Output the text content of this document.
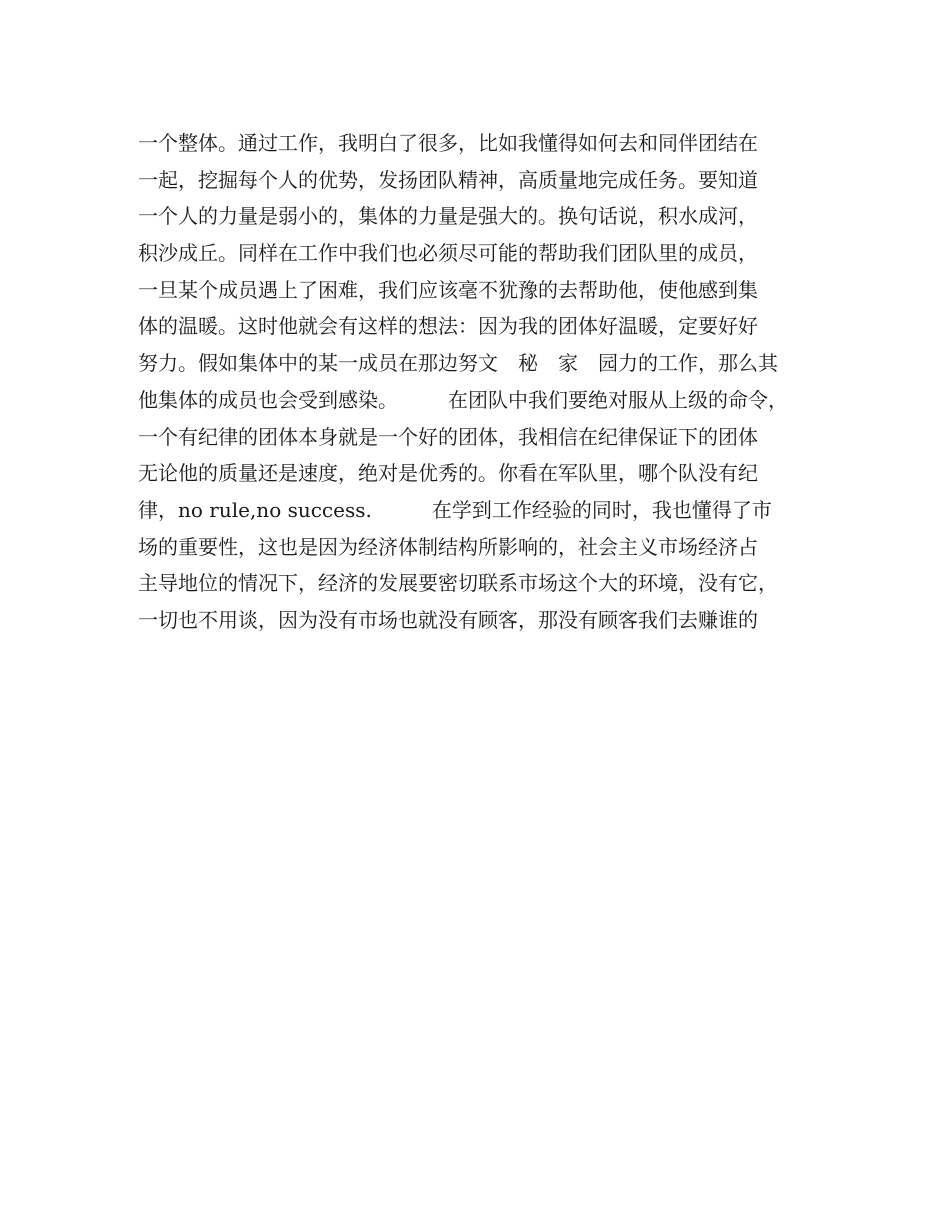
一个整体。通过工作，我明白了很多，比如我懂得如何去和同伴团结在
一起，挖掘每个人的优势，发扬团队精神，高质量地完成任务。要知道
一个人的力量是弱小的，集体的力量是强大的。换句话说，积水成河，
积沙成丘。同样在工作中我们也必须尽可能的帮助我们团队里的成员，
一旦某个成员遇上了困难，我们应该毫不犹豫的去帮助他，使他感到集
体的温暖。这时他就会有这样的想法：因为我的团体好温暖，定要好好
努力。假如集体中的某一成员在那边努文　秘　家　园力的工作，那么其
他集体的成员也会受到感染。　　　在团队中我们要绝对服从上级的命令，
一个有纪律的团体本身就是一个好的团体，我相信在纪律保证下的团体
无论他的质量还是速度，绝对是优秀的。你看在军队里，哪个队没有纪
律，no rule,no success.　　　在学到工作经验的同时，我也懂得了市
场的重要性，这也是因为经济体制结构所影响的，社会主义市场经济占
主导地位的情况下，经济的发展要密切联系市场这个大的环境，没有它，
一切也不用谈，因为没有市场也就没有顾客，那没有顾客我们去赚谁的
